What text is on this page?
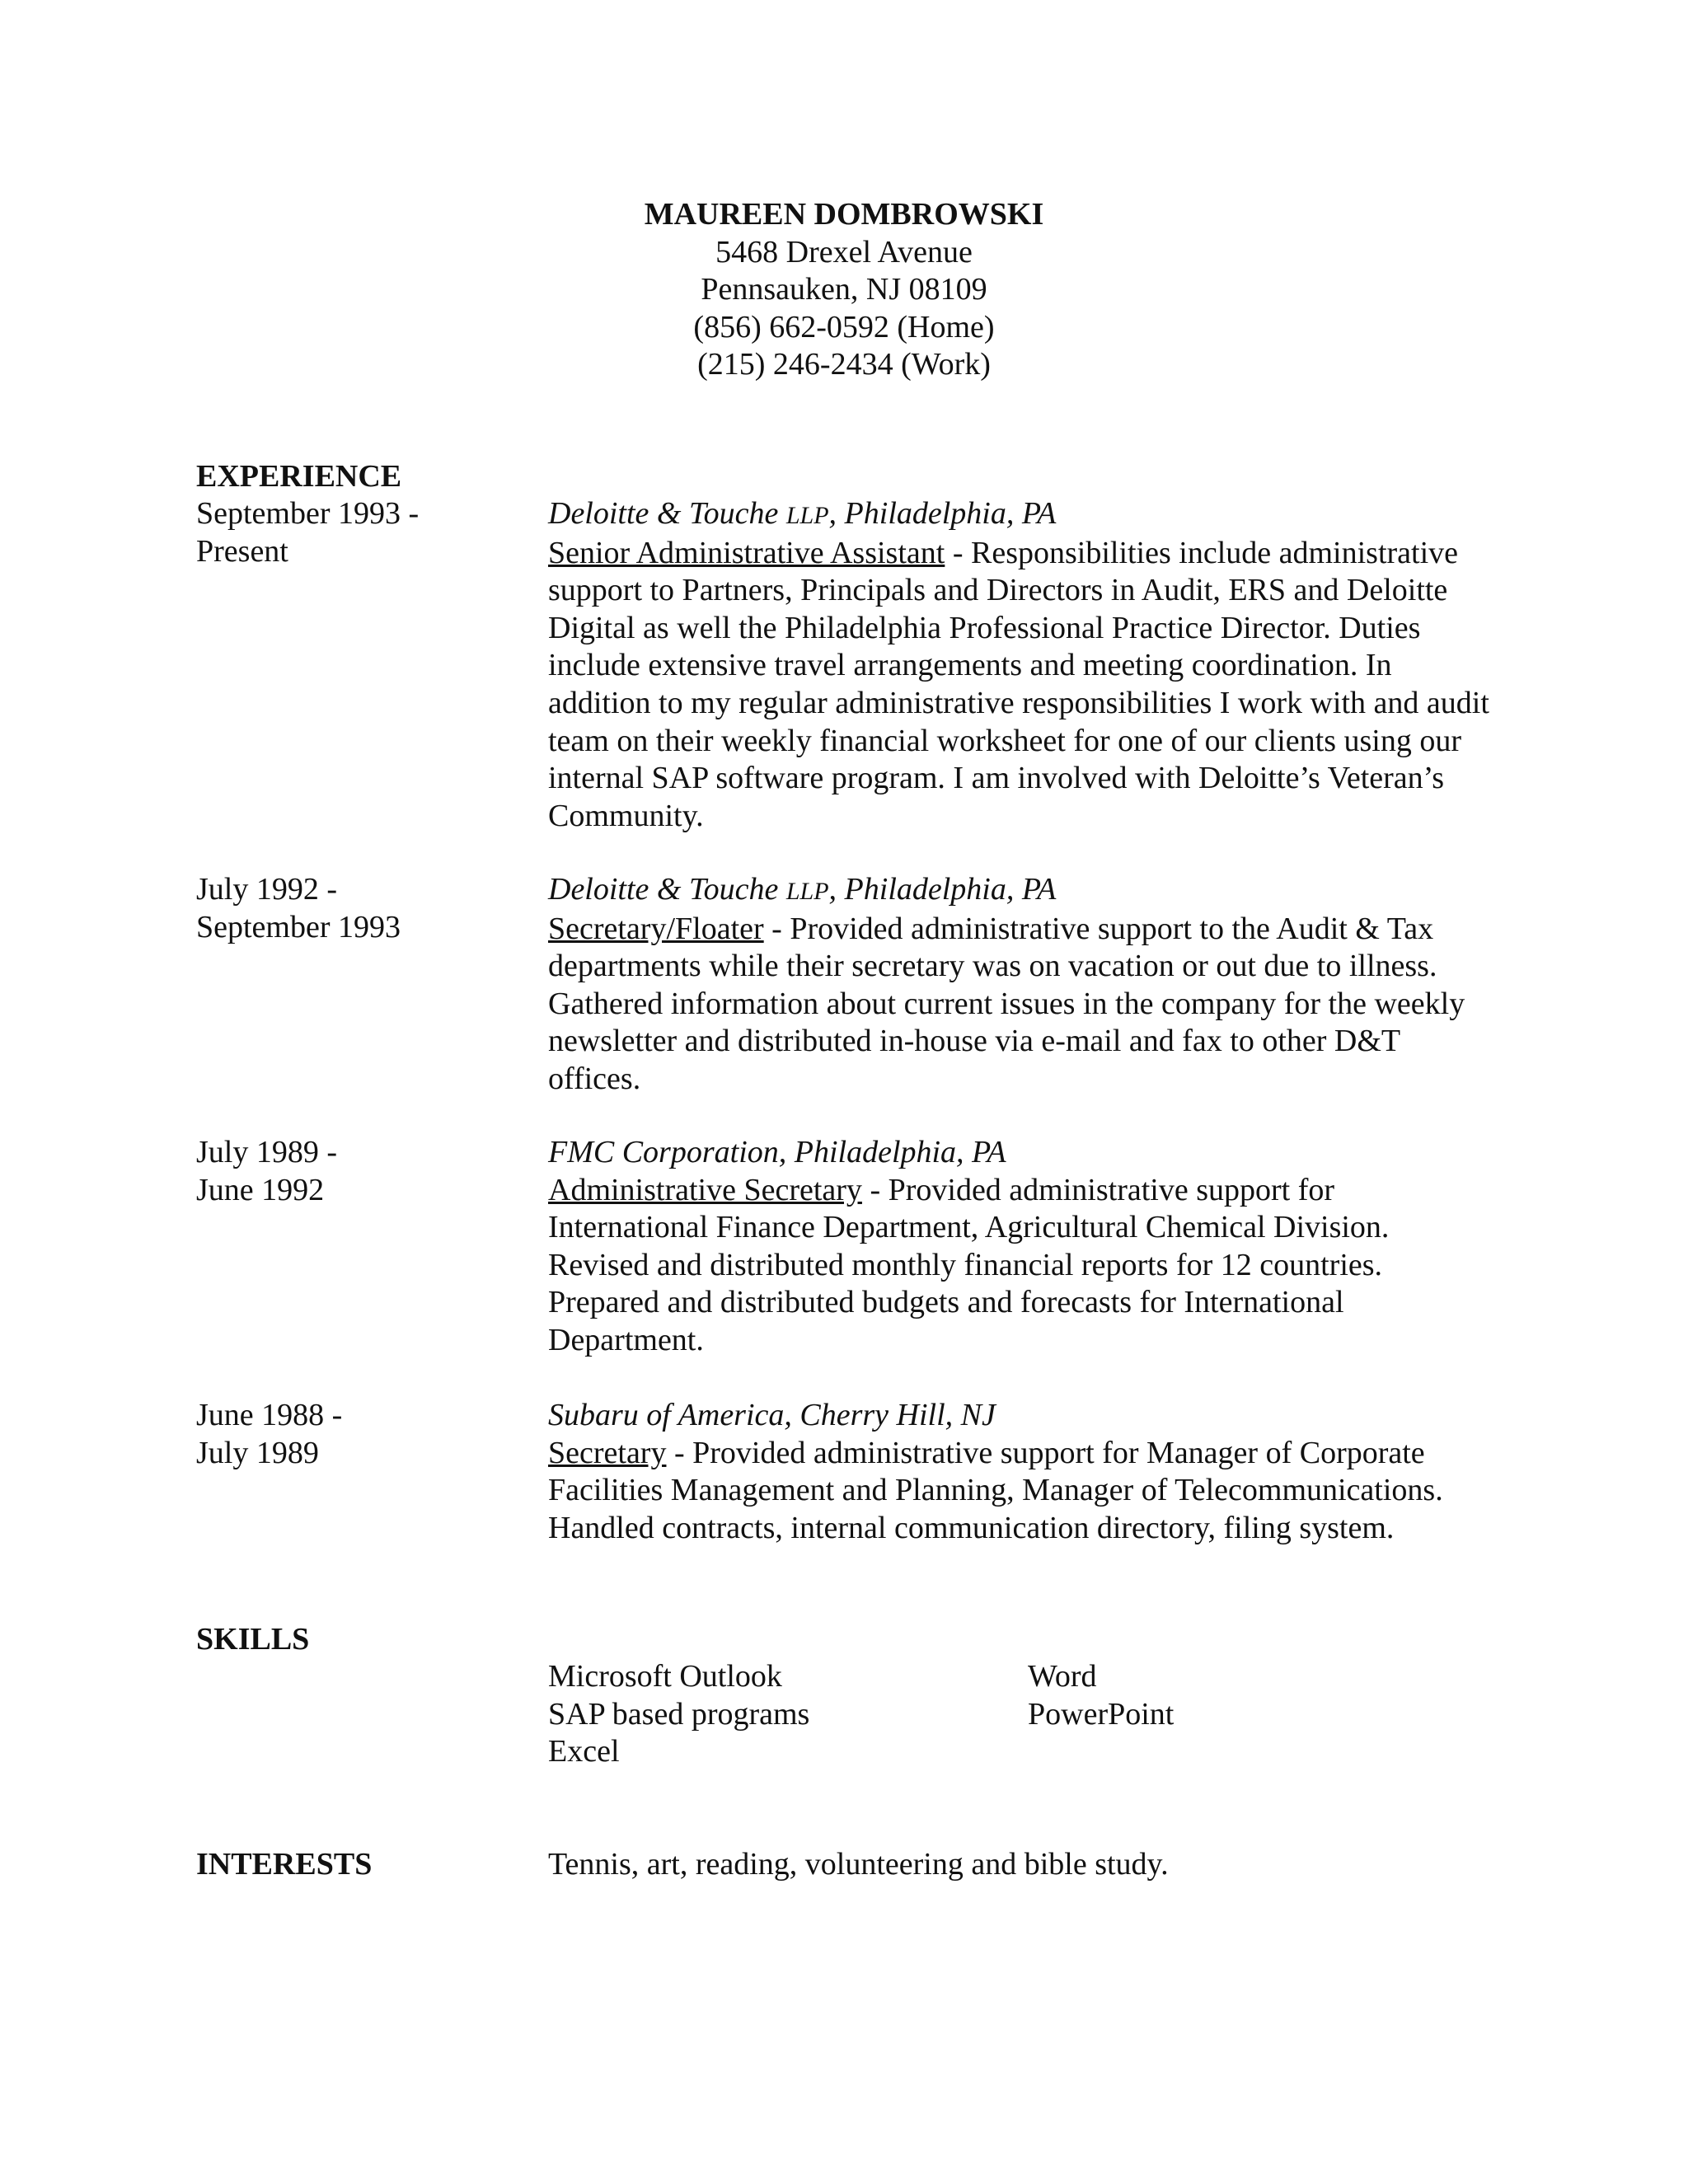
MAUREEN DOMBROWSKI
5468 Drexel Avenue
Pennsauken, NJ 08109
(856) 662-0592 (Home)
(215) 246-2434 (Work)
EXPERIENCE
September 1993 -
Present
Deloitte & Touche LLP, Philadelphia, PA
Senior Administrative Assistant - Responsibilities include administrative support to Partners, Principals and Directors in Audit, ERS and Deloitte Digital as well the Philadelphia Professional Practice Director. Duties include extensive travel arrangements and meeting coordination. In addition to my regular administrative responsibilities I work with and audit team on their weekly financial worksheet for one of our clients using our internal SAP software program. I am involved with Deloitte’s Veteran’s Community.
July 1992 -
September 1993
Deloitte & Touche LLP, Philadelphia, PA
Secretary/Floater - Provided administrative support to the Audit & Tax departments while their secretary was on vacation or out due to illness. Gathered information about current issues in the company for the weekly newsletter and distributed in-house via e-mail and fax to other D&T offices.
July 1989 -
June 1992
FMC Corporation, Philadelphia, PA
Administrative Secretary - Provided administrative support for International Finance Department, Agricultural Chemical Division. Revised and distributed monthly financial reports for 12 countries. Prepared and distributed budgets and forecasts for International Department.
June 1988 -
July 1989
Subaru of America, Cherry Hill, NJ
Secretary - Provided administrative support for Manager of Corporate Facilities Management and Planning, Manager of Telecommunications. Handled contracts, internal communication directory, filing system.
SKILLS
Microsoft Outlook
SAP based programs
Excel
Word
PowerPoint
INTERESTS	Tennis, art, reading, volunteering and bible study.
